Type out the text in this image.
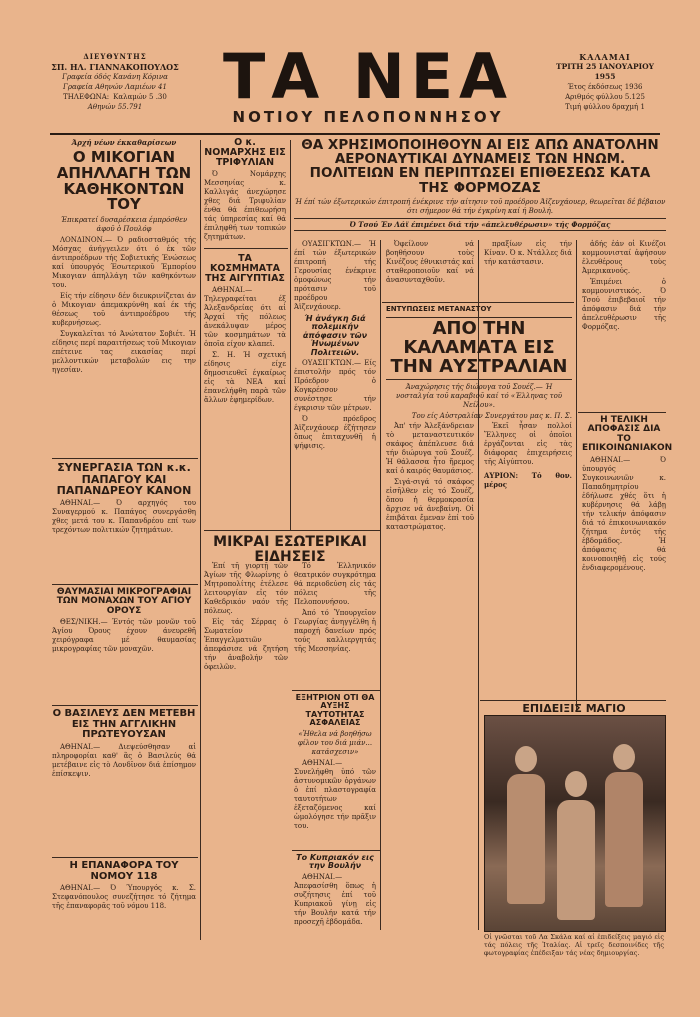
ΔΙΕΥΘΥΝΤΗΣ
ΣΠ. ΗΛ. ΓΙΑΝΝΑΚΟΠΟΥΛΟΣ
Γραφεία όδός Κανάνη Κόρινα
Γραφεία Αθηνών Λαμιέων 41
ΤΗΛΕΦΩΝΑ: Καλαμών 5 .30
Αθηνών 55.791	ΤΑ ΝΕΑ
ΝΟΤΙΟΥ ΠΕΛΟΠΟΝΝΗΣΟΥ
ΚΑΛΑΜΑΙ
ΤΡΙΤΗ 25 ΙΑΝΟΥΑΡΙΟΥ 1955
Έτος έκδόσεως 1936
Αριθμός φύλλου 5.125
Τιμή φύλλου δραχμή 1
Άρχή νέων έκκαθαρίσεων
Ο ΜΙΚΟΓΙΑΝ ΑΠΗΛΛΑΓΗ ΤΩΝ ΚΑΘΗΚΟΝΤΩΝ ΤΟΥ
Έπικρατεί δυσαρέσκεια έμπρόσθεν άφοῦ ὁ Πουλόφ

ΛΟΝΔΙΝΟΝ.— Ό ραδιοσταθμός τής Μόσχας άνήγγειλεν ότι ό έκ τῶν άντιπροέδρων τής Σοβιετικής Ένώσεως καί ύπουργός Έσωτερικοῦ Έμπορίου Μικογιαν άπηλλάγη τῶν καθηκόντων του.

Είς τήν είδησιν δέν διευκρινίζεται άν ὁ Μικογιαν άπεμακρύνθη καί έκ τής θέσεως τοῦ άντιπροέδρου τής κυβερνήσεως.

Συγκαλεῖται τό Άνώτατον Σοβιέτ. Ή είδησις περί παραιτήσεως τοῦ Μικογιαν επέτεινε τας εικασίας περί μελλοντικών μεταβολών εις την ηγεσίαν.

ΣΥΝΕΡΓΑΣΙΑ ΤΩΝ κ.κ. ΠΑΠΑΓΟΥ ΚΑΙ ΠΑΠΑΝΔΡΕΟΥ ΚΑΝΟΝ

ΑΘΗΝΑΙ.— Ό αρχηγός του Συναγερμού κ. Παπάγος συνεργάσθη χθες μετά του κ. Παπανδρέου επί των τρεχόντων πολιτικών ζητημάτων.

ΘΑΥΜΑΣΙΑΙ ΜΙΚΡΟΓΡΑΦΙΑΙ ΤΩΝ ΜΟΝΑΧΩΝ ΤΟΥ ΑΓΙΟΥ ΟΡΟΥΣ

ΘΕΣ/ΝΙΚΗ.— Έντός τῶν μονῶν τοῦ Άγίου Όρους έχουν άνευρεθῆ χειρόγραφα μέ θαυμασίας μικρογραφίας τῶν μοναχῶν.

Ο ΒΑΣΙΛΕΥΣ ΔΕΝ ΜΕΤΕΒΗ ΕΙΣ ΤΗΝ ΑΓΓΛΙΚΗΝ ΠΡΩΤΕΥΟΥΣΑΝ

ΑΘΗΝΑΙ.— Διεψεύσθησαν αἱ πληροφορίαι καθ' ἃς ὁ Βασιλεύς θά μετέβαινε εἰς τὸ Λονδῖνον διά ἐπίσημον ἐπίσκεψιν.

Η ΕΠΑΝΑΦΟΡΑ ΤΟΥ ΝΟΜΟΥ 118

ΑΘΗΝΑΙ.— Ό Ύπουργός κ. Σ. Στεφανόπουλος συνεζήτησε τό ζήτημα τῆς ἐπαναφορᾶς τοῦ νόμου 118.

Ο κ. ΝΟΜΑΡΧΗΣ ΕΙΣ ΤΡΙΦΥΛΙΑΝ

Ό Νομάρχης Μεσσηνίας κ. Καλλιγάς άνεχώρησε χθες διά Τριφυλίαν ένθα θά έπιθεωρήση τάς ύπηρεσίας καί θά έπιληφθή των τοπικών ζητημάτων.

ΤΑ ΚΟΣΜΗΜΑΤΑ ΤΗΣ ΑΙΓΥΠΤΙΑΣ

ΑΘΗΝΑΙ.— Τηλεγραφείται έξ Άλεξανδρείας ότι αἱ Άρχαί τῆς πόλεως ἀνεκάλυψαν μέρος τῶν κοσμημάτων τὰ ὁποῖα είχον κλαπεῖ.

Σ. Η. Ή σχετική είδησις είχε δημοσιευθεῖ έγκαίρως εἰς τὰ ΝΕΑ καί ἐπανελήφθη παρὰ τῶν ἄλλων ἐφημερίδων.

ΘΑ ΧΡΗΣΙΜΟΠΟΙΗΘΟΥΝ ΑΙ ΕΙΣ ΑΠΩ ΑΝΑΤΟΛΗΝ ΑΕΡΟΝΑΥΤΙΚΑΙ ΔΥΝΑΜΕΙΣ ΤΩΝ ΗΝΩΜ. ΠΟΛΙΤΕΙΩΝ ΕΝ ΠΕΡΙΠΤΩΣΕΙ ΕΠΙΘΕΣΕΩΣ ΚΑΤΑ ΤΗΣ ΦΟΡΜΟΖΑΣ
Ή έπί τών έξωτερικών έπιτροπή ένέκρινε τήν αίτησιν τοῦ προέδρου Άϊζενχάουερ, θεωρεῖται δέ βέβαιον ότι σήμερον θά τήν έγκρίνη καί ή Βουλή.
Ό Τσού Έν Λάϊ έπιμένει διά τήν «άπελευθέρωσιν» τής Φορμόζας

ΟΥΑΣΙΓΚΤΩΝ.— Ή έπί τών έξωτερικών έπιτροπή τής Γερουσίας ένέκρινε ὁμοφώνως τήν πρότασιν τοῦ προέδρου Άϊζενχάουερ.

Ή ἀνάγκη διά πολεμικήν ἀπόφασιν τῶν Ἡνωμένων Πολιτειῶν.

ΟΥΑΣΙΓΚΤΩΝ.— Είς ἐπιστολήν πρός τόν Πρόεδρον ὁ Κογκρέσσον συνέστησε τήν έγκρισιν τῶν μέτρων.

Ό πρόεδρος Άϊζενχάουερ έζήτησεν ὅπως ἐπιταχυνθῆ ἡ ψήφισις.

Ὀφείλουν νά βοηθήσουν τοὺς Κινέζους ἐθνικιστάς καί σταθεροποιοῦν καί νά ἀνασυνταχθοῦν.

πραξίων εἰς τήν Κίναν. Ό κ. Ντάλλες διά τήν κατάστασιν.

ἀδής ἐάν οἱ Κινέζοι κομμουνισταί ἀφήσουν ἐλευθέρους τοὺς Ἀμερικανούς.

Ἐπιμένει ὁ κομμουνιστικός. Ό Τσού ἐπιβεβαιοῖ τήν ἀπόφασιν διά τήν ἀπελευθέρωσιν τῆς Φορμόζας.

ΕΝΤΥΠΩΣΕΙΣ ΜΕΤΑΝΑΣΤΟΥ
ΑΠΟ ΤΗΝ ΚΑΛΑΜΑΤΑ ΕΙΣ ΤΗΝ ΑΥΣΤΡΑΛΙΑΝ
Άναχώρησις τής διώρυγα τοῦ Σουέζ.— Ή νοσταλγία τοῦ καραβιοῦ καί τό «Έλληνας τοῦ Νείλου».
Του είς Αὐστραλίαν Συνεργάτου μας κ. Π. Σ.

Ἀπ' τήν Ἀλεξάνδρειαν τὸ μεταναστευτικόν σκάφος ἀπέπλευσε διά τήν διώρυγα τοῦ Σουέζ. Ἡ θάλασσα ἦτο ἤρεμος καί ὁ καιρός θαυμάσιος.

Σιγά-σιγά τό σκάφος εἰσῆλθεν εἰς τό Σουέζ, ὅπου ἡ θερμοκρασία ἄρχισε νά ἀνεβαίνη. Οἱ ἐπιβάται ἔμεναν ἐπί τοῦ καταστρώματος.

Ἐκεῖ ἦσαν πολλοί Ἕλληνες οἱ ὁποῖοι ἐργάζονται εἰς τὰς διάφορας ἐπιχειρήσεις τῆς Αἰγύπτου.

ΑΥΡΙΟΝ: Τό θον. μέρος
Η ΤΕΛΙΚΗ ΑΠΟΦΑΣΙΣ ΔΙΑ ΤΟ ΕΠΙΚΟΙΝΩΝΙΑΚΟΝ

ΑΘΗΝΑΙ.— Ό ὑπουργός Συγκοινωνιῶν κ. Παπαδημητρίου ἐδήλωσε χθές ὅτι ἡ κυβέρνησις θά λάβῃ τήν τελικήν ἀπόφασιν διά τό ἐπικοινωνιακόν ζήτημα ἐντός τῆς ἑβδομάδος. Ἡ ἀπόφασις θά κοινοποιηθῇ εἰς τούς ἐνδιαφερομένους.

ΜΙΚΡΑΙ ΕΣΩΤΕΡΙΚΑΙ ΕΙΔΗΣΕΙΣ

Ἐπί τῆ γιορτῇ τῶν Ἁγίων τῆς Φλωρίνης ὁ Μητροπολίτης ἐτέλεσε λειτουργίαν εἰς τόν Καθεδρικόν ναόν τῆς πόλεως.

Εἰς τάς Σέρρας ὁ Σωματείον Ἐπαγγελματιῶν ἀπεφάσισε νά ζητήση τήν ἀναβολήν τῶν ὀφειλῶν.

Τό Ἐλληνικόν θεατρικόν συγκρότημα θά περιοδεύση εἰς τάς πόλεις τῆς Πελοποννήσου.

Ἀπό τό Ὑπουργεῖον Γεωργίας ἀνηγγέλθη ἡ παροχή δανείων πρός τούς καλλιεργητάς τῆς Μεσσηνίας.

ΕΞΗΤΡΙΟΝ ΟΤΙ ΘΑ ΑΥΞΗΣ ΤΑΥΤΟΤΗΤΑΣ ΑΣΦΑΛΕΙΑΣ
«Ἠθελα νά βοηθήσω φίλον του διά μιάν... κατάσχεσιν»

ΑΘΗΝΑΙ.— Συνελήφθη ὑπό τῶν ἀστυνομικῶν ὀργάνων ὁ ἐπί πλαστογραφία ταυτοτήτων ἐξεταζόμενος καί ὡμολόγησε τήν πρᾶξιν του.

Το Κυπριακόν εις την Βουλήν

ΑΘΗΝΑΙ.— Ἀπεφασίσθη ὅπως ἡ συζήτησις ἐπί τοῦ Κυπριακοῦ γίνῃ εἰς τήν Βουλήν κατά τήν προσεχῆ ἑβδομάδα.

ΕΠΙΔΕΙΞΙΣ ΜΑΓΙΟ
Οἱ γνῶσται τοῦ Λα Σκάλα καί αἱ ἐπιδείξεις μαγιό εἰς τάς πόλεις τῆς Ἰταλίας. Αἱ τρεῖς δεσποινίδες τῆς φωτογραφίας ἐπέδειξαν τάς νέας δημιουργίας.
